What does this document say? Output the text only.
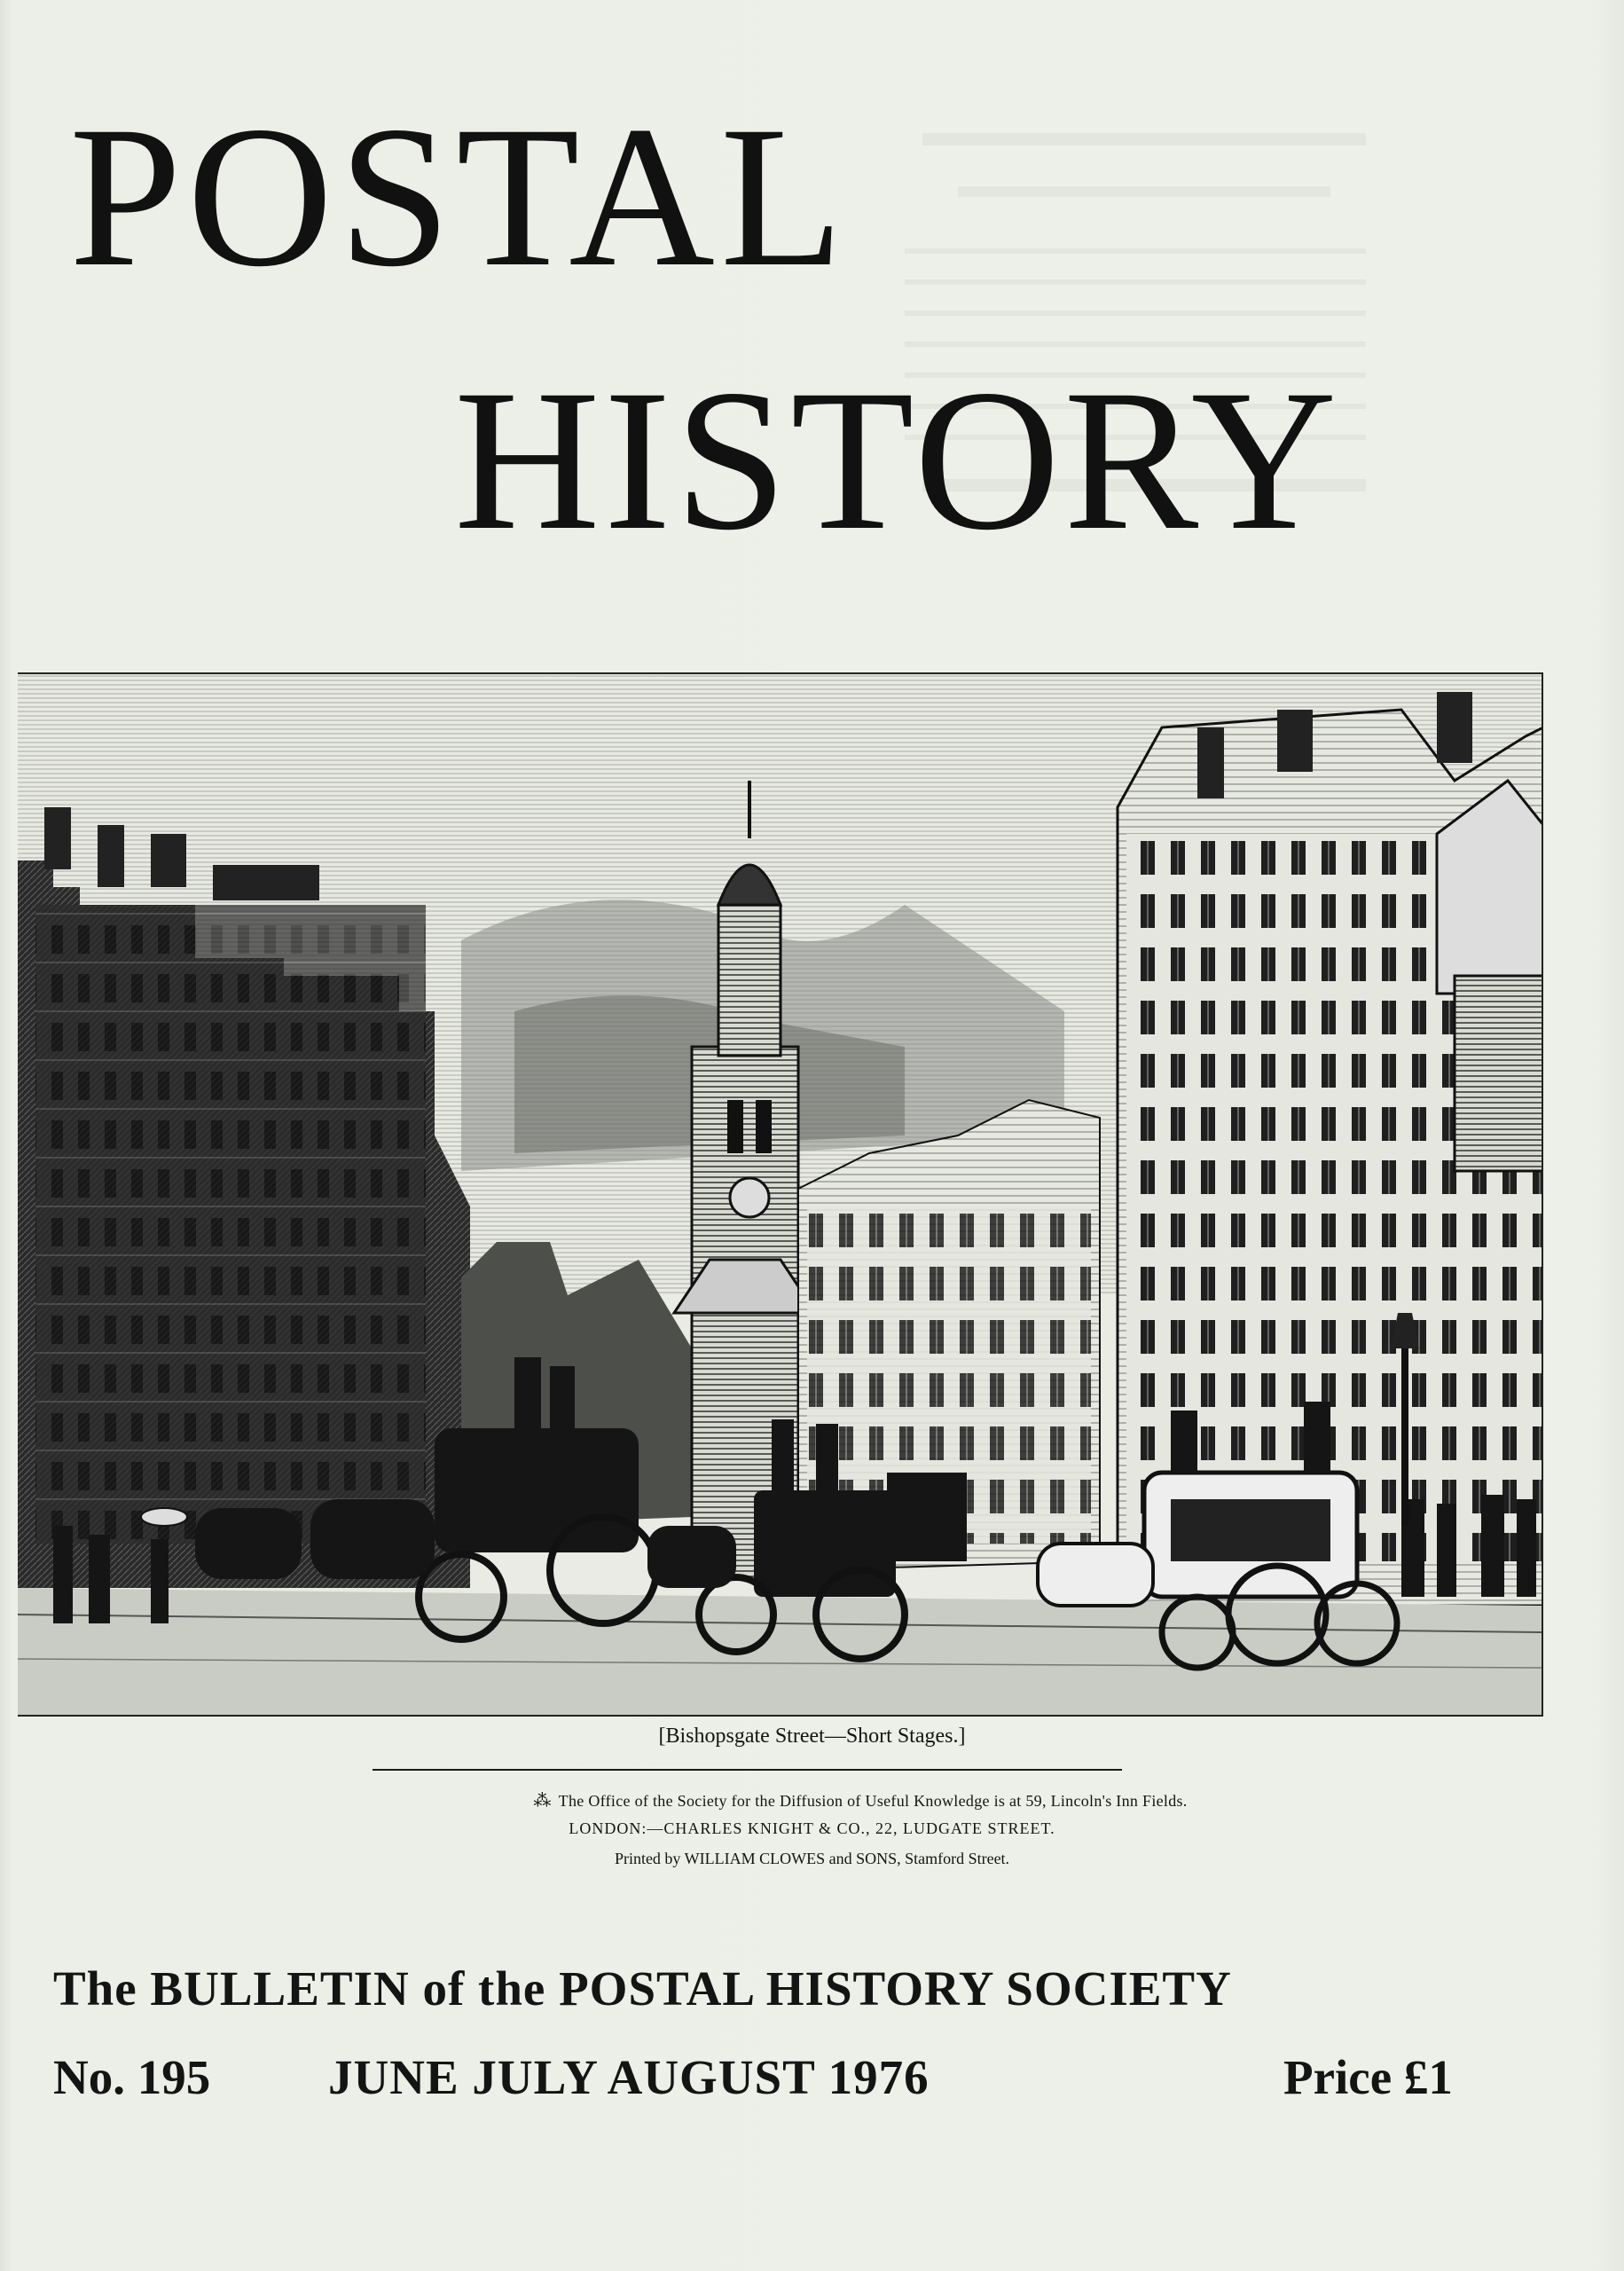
POSTAL
HISTORY

[Bishopsgate Street—Short Stages.]

⁂ The Office of the Society for the Diffusion of Useful Knowledge is at 59, Lincoln's Inn Fields.

LONDON:—CHARLES KNIGHT & CO., 22, LUDGATE STREET.

Printed by WILLIAM CLOWES and SONS, Stamford Street.

The BULLETIN of the POSTAL HISTORY SOCIETY

No. 195 JUNE JULY AUGUST 1976	Price £1
